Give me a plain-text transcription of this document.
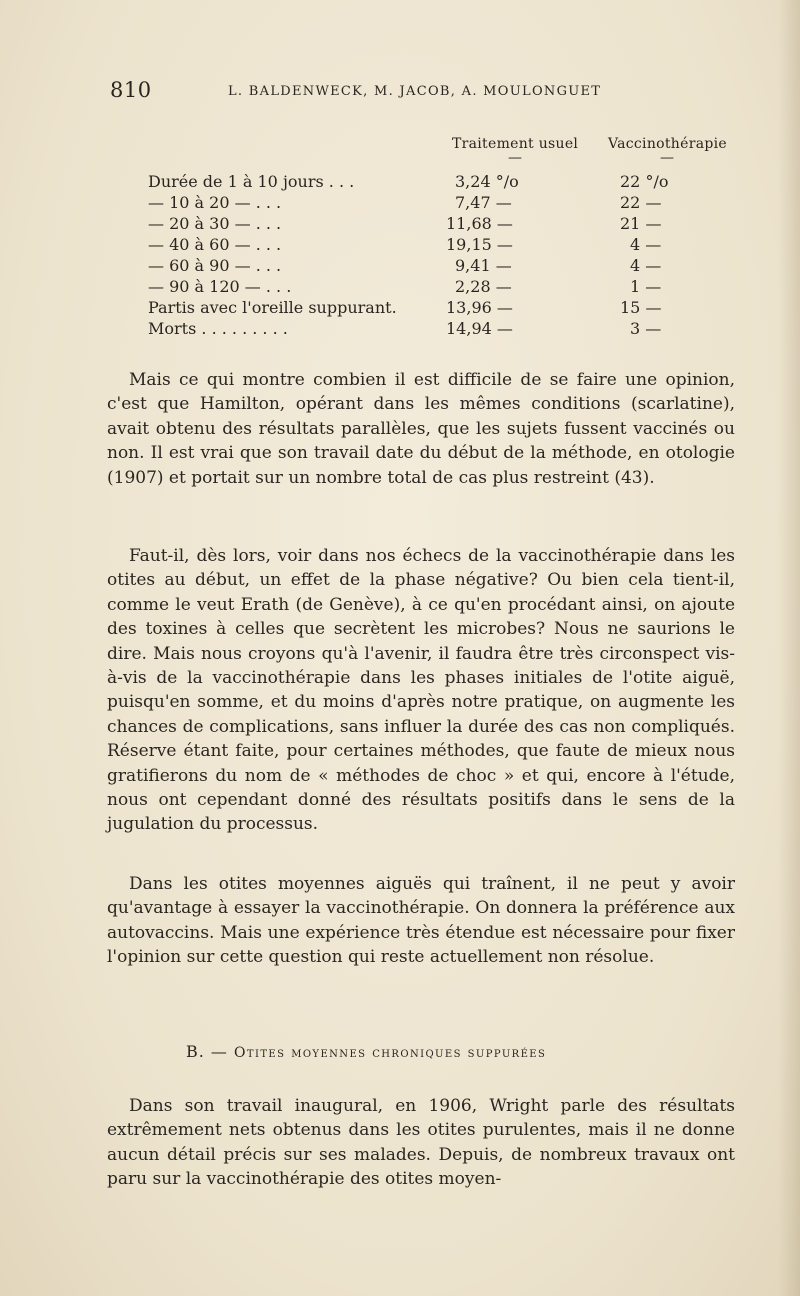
810	L. BALDENWECK, M. JACOB, A. MOULONGUET
Traitement usuel Vaccinothérapie
—	—
Durée de 1 à 10 jours . . .	3,24 °/o	22 °/o
— 10 à 20 — . . .	7,47 —	22 —
— 20 à 30 — . . .	11,68 —	21 —
— 40 à 60 — . . .	19,15 —	4 —
— 60 à 90 — . . .	9,41 —	4 —
— 90 à 120 — . . .	2,28 —	1 —
Partis avec l'oreille suppurant.	13,96 —	15 —
Morts . . . . . . . . .	14,94 —	3 —

Mais ce qui montre combien il est difficile de se faire une opinion, c'est que Hamilton, opérant dans les mêmes conditions (scarlatine), avait obtenu des résultats parallèles, que les sujets fussent vaccinés ou non. Il est vrai que son travail date du début de la méthode, en otologie (1907) et portait sur un nombre total de cas plus restreint (43).

Faut-il, dès lors, voir dans nos échecs de la vaccinothérapie dans les otites au début, un effet de la phase négative? Ou bien cela tient-il, comme le veut Erath (de Genève), à ce qu'en procédant ainsi, on ajoute des toxines à celles que secrètent les microbes? Nous ne saurions le dire. Mais nous croyons qu'à l'avenir, il faudra être très circonspect vis-à-vis de la vaccinothérapie dans les phases initiales de l'otite aiguë, puisqu'en somme, et du moins d'après notre pratique, on augmente les chances de complications, sans influer la durée des cas non compliqués. Réserve étant faite, pour certaines méthodes, que faute de mieux nous gratifierons du nom de « méthodes de choc » et qui, encore à l'étude, nous ont cependant donné des résultats positifs dans le sens de la jugulation du processus.

Dans les otites moyennes aiguës qui traînent, il ne peut y avoir qu'avantage à essayer la vaccinothérapie. On donnera la préférence aux autovaccins. Mais une expérience très étendue est nécessaire pour fixer l'opinion sur cette question qui reste actuellement non résolue.

B. — Otites moyennes chroniques suppurées

Dans son travail inaugural, en 1906, Wright parle des résultats extrêmement nets obtenus dans les otites purulentes, mais il ne donne aucun détail précis sur ses malades. Depuis, de nombreux travaux ont paru sur la vaccinothérapie des otites moyen-
